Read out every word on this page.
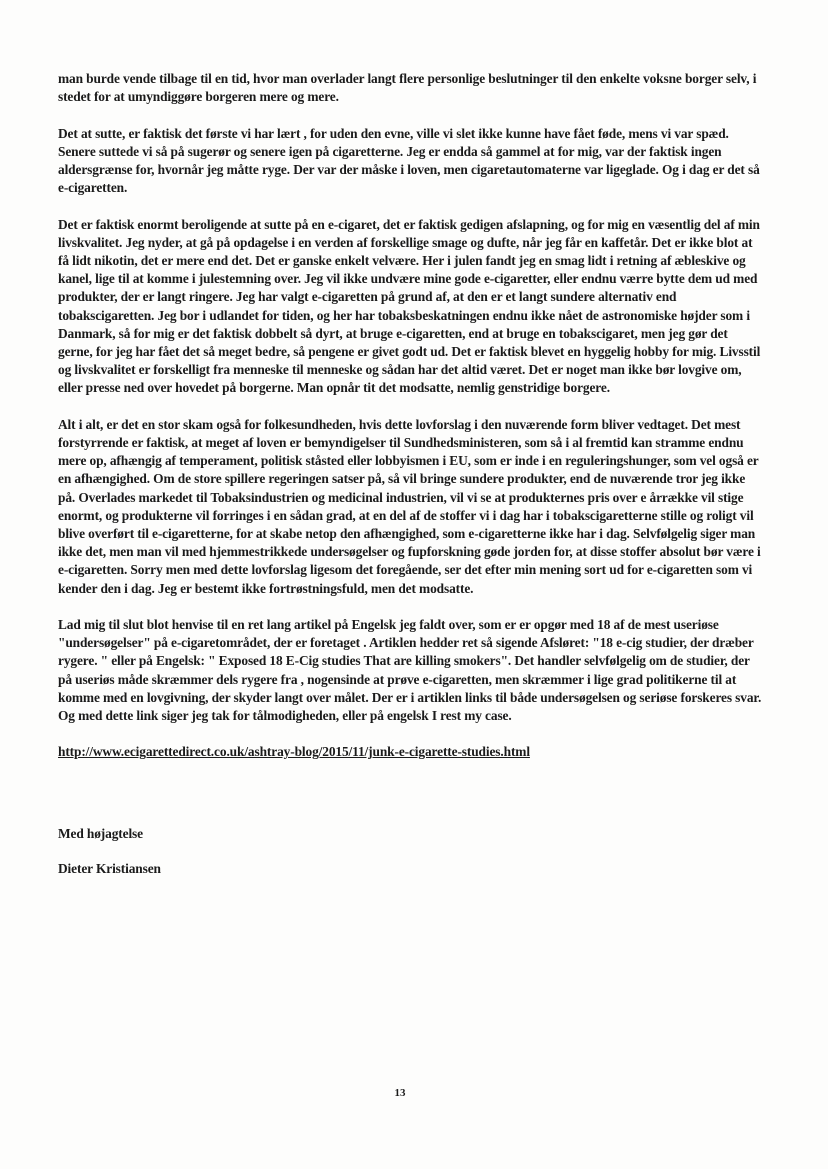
man burde vende tilbage til en tid, hvor man overlader langt flere personlige beslutninger til den enkelte voksne borger selv, i stedet for at umyndiggøre borgeren mere og mere.

Det at sutte, er faktisk det første vi har lært , for uden den evne, ville vi slet ikke kunne have fået føde, mens vi var spæd. Senere suttede vi så på sugerør og senere igen på cigaretterne. Jeg er endda så gammel at for mig, var der faktisk ingen aldersgrænse for, hvornår jeg måtte ryge. Der var der måske i loven, men cigaretautomaterne var ligeglade. Og i dag er det så e-cigaretten.

Det er faktisk enormt beroligende at sutte på en e-cigaret, det er faktisk gedigen afslapning, og for mig en væsentlig del af min livskvalitet. Jeg nyder, at gå på opdagelse i en verden af forskellige smage og dufte, når jeg får en kaffetår. Det er ikke blot at få lidt nikotin, det er mere end det. Det er ganske enkelt velvære. Her i julen fandt jeg en smag lidt i retning af æbleskive og kanel, lige til at komme i julestemning over. Jeg vil ikke undvære mine gode e-cigaretter, eller endnu værre bytte dem ud med produkter, der er langt ringere. Jeg har valgt e-cigaretten på grund af, at den er et langt sundere alternativ end tobakscigaretten. Jeg bor i udlandet for tiden, og her har tobaksbeskatningen endnu ikke nået de astronomiske højder som i Danmark, så for mig er det faktisk dobbelt så dyrt, at bruge e-cigaretten, end at bruge en tobakscigaret, men jeg gør det gerne, for jeg har fået det så meget bedre, så pengene er givet godt ud. Det er faktisk blevet en hyggelig hobby for mig. Livsstil og livskvalitet er forskelligt fra menneske til menneske og sådan har det altid været. Det er noget man ikke bør lovgive om, eller presse ned over hovedet på borgerne. Man opnår tit det modsatte, nemlig genstridige borgere.

Alt i alt, er det en stor skam også for folkesundheden, hvis dette lovforslag i den nuværende form bliver vedtaget. Det mest forstyrrende er faktisk, at meget af loven er bemyndigelser til Sundhedsministeren, som så i al fremtid kan stramme endnu mere op, afhængig af temperament, politisk ståsted eller lobbyismen i EU, som er inde i en reguleringshunger, som vel også er en afhængighed. Om de store spillere regeringen satser på, så vil bringe sundere produkter, end de nuværende tror jeg ikke på. Overlades markedet til Tobaksindustrien og medicinal industrien, vil vi se at produkternes pris over e årrække vil stige enormt, og produkterne vil forringes i en sådan grad, at en del af de stoffer vi i dag har i tobakscigaretterne stille og roligt vil blive overført til e-cigaretterne, for at skabe netop den afhængighed, som e-cigaretterne ikke har i dag. Selvfølgelig siger man ikke det, men man vil med hjemmestrikkede undersøgelser og fupforskning gøde jorden for, at disse stoffer absolut bør være i e-cigaretten. Sorry men med dette lovforslag ligesom det foregående, ser det efter min mening sort ud for e-cigaretten som vi kender den i dag. Jeg er bestemt ikke fortrøstningsfuld, men det modsatte.

Lad mig til slut blot henvise til en ret lang artikel på Engelsk jeg faldt over, som er er opgør med 18 af de mest useriøse "undersøgelser" på e-cigaretområdet, der er foretaget . Artiklen hedder ret så sigende Afsløret: "18 e-cig studier, der dræber rygere. " eller på Engelsk: " Exposed 18 E-Cig studies That are killing smokers". Det handler selvfølgelig om de studier, der på useriøs måde skræmmer dels rygere fra , nogensinde at prøve e-cigaretten, men skræmmer i lige grad politikerne til at komme med en lovgivning, der skyder langt over målet. Der er i artiklen links til både undersøgelsen og seriøse forskeres svar. Og med dette link siger jeg tak for tålmodigheden, eller på engelsk I rest my case.

http://www.ecigarettedirect.co.uk/ashtray-blog/2015/11/junk-e-cigarette-studies.html

Med højagtelse

Dieter Kristiansen

13
